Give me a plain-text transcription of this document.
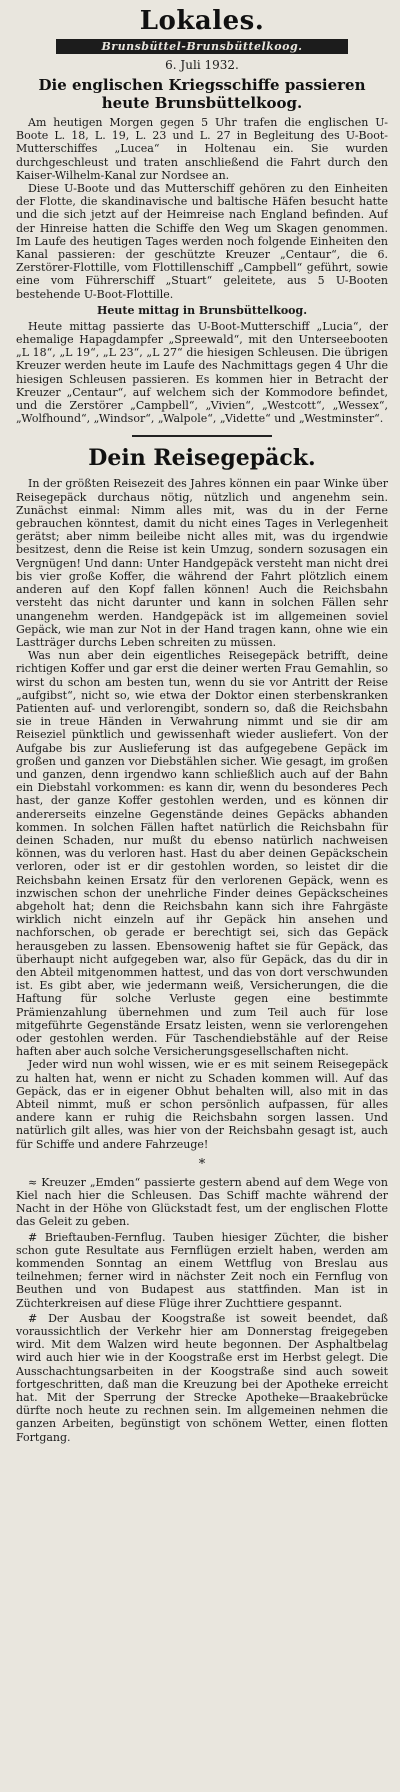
Lokales.
Brunsbüttel-Brunsbüttelkoog.
6. Juli 1932.
Die englischen Kriegsschiffe passieren
heute Brunsbüttelkoog.

Am heutigen Morgen gegen 5 Uhr trafen die englischen U-Boote L. 18, L. 19, L. 23 und L. 27 in Begleitung des U-Boot-Mutterschiffes „Lucea“ in Holtenau ein. Sie wurden durchgeschleust und traten anschließend die Fahrt durch den Kaiser-Wilhelm-Kanal zur Nordsee an.

Diese U-Boote und das Mutterschiff gehören zu den Einheiten der Flotte, die skandinavische und baltische Häfen besucht hatte und die sich jetzt auf der Heimreise nach England befinden. Auf der Hinreise hatten die Schiffe den Weg um Skagen genommen. Im Laufe des heutigen Tages werden noch folgende Einheiten den Kanal passieren: der geschützte Kreuzer „Centaur“, die 6. Zerstörer-Flottille, vom Flottillenschiff „Campbell“ geführt, sowie eine vom Führerschiff „Stuart“ geleitete, aus 5 U-Booten bestehende U-Boot-Flottille.

Heute mittag in Brunsbüttelkoog.

Heute mittag passierte das U-Boot-Mutterschiff „Lucia“, der ehemalige Hapagdampfer „Spreewald“, mit den Unterseebooten „L 18“, „L 19“, „L 23“, „L 27“ die hiesigen Schleusen. Die übrigen Kreuzer werden heute im Laufe des Nachmittags gegen 4 Uhr die hiesigen Schleusen passieren. Es kommen hier in Betracht der Kreuzer „Centaur“, auf welchem sich der Kommodore befindet, und die Zerstörer „Campbell“, „Vivien“, „Westcott“, „Wessex“, „Wolfhound“, „Windsor“, „Walpole“, „Vidette“ und „Westminster“.

Dein Reisegepäck.

In der größten Reisezeit des Jahres können ein paar Winke über Reisegepäck durchaus nötig, nützlich und angenehm sein. Zunächst einmal: Nimm alles mit, was du in der Ferne gebrauchen könntest, damit du nicht eines Tages in Verlegenheit gerätst; aber nimm beileibe nicht alles mit, was du irgendwie besitzest, denn die Reise ist kein Umzug, sondern sozusagen ein Vergnügen! Und dann: Unter Handgepäck versteht man nicht drei bis vier große Koffer, die während der Fahrt plötzlich einem anderen auf den Kopf fallen können! Auch die Reichsbahn versteht das nicht darunter und kann in solchen Fällen sehr unangenehm werden. Handgepäck ist im allgemeinen soviel Gepäck, wie man zur Not in der Hand tragen kann, ohne wie ein Lastträger durchs Leben schreiten zu müssen.

Was nun aber dein eigentliches Reisegepäck betrifft, deine richtigen Koffer und gar erst die deiner werten Frau Gemahlin, so wirst du schon am besten tun, wenn du sie vor Antritt der Reise „aufgibst“, nicht so, wie etwa der Doktor einen sterbenskranken Patienten auf- und verlorengibt, sondern so, daß die Reichsbahn sie in treue Händen in Verwahrung nimmt und sie dir am Reiseziel pünktlich und gewissenhaft wieder ausliefert. Von der Aufgabe bis zur Auslieferung ist das aufgegebene Gepäck im großen und ganzen vor Diebstählen sicher. Wie gesagt, im großen und ganzen, denn irgendwo kann schließlich auch auf der Bahn ein Diebstahl vorkommen: es kann dir, wenn du besonderes Pech hast, der ganze Koffer gestohlen werden, und es können dir andererseits einzelne Gegenstände deines Gepäcks abhanden kommen. In solchen Fällen haftet natürlich die Reichsbahn für deinen Schaden, nur mußt du ebenso natürlich nachweisen können, was du verloren hast. Hast du aber deinen Gepäckschein verloren, oder ist er dir gestohlen worden, so leistet dir die Reichsbahn keinen Ersatz für den verlorenen Gepäck, wenn es inzwischen schon der unehrliche Finder deines Gepäckscheines abgeholt hat; denn die Reichsbahn kann sich ihre Fahrgäste wirklich nicht einzeln auf ihr Gepäck hin ansehen und nachforschen, ob gerade er berechtigt sei, sich das Gepäck herausgeben zu lassen. Ebensowenig haftet sie für Gepäck, das überhaupt nicht aufgegeben war, also für Gepäck, das du dir in den Abteil mitgenommen hattest, und das von dort verschwunden ist. Es gibt aber, wie jedermann weiß, Versicherungen, die die Haftung für solche Verluste gegen eine bestimmte Prämienzahlung übernehmen und zum Teil auch für lose mitgeführte Gegenstände Ersatz leisten, wenn sie verlorengehen oder gestohlen werden. Für Taschendiebstähle auf der Reise haften aber auch solche Versicherungsgesellschaften nicht.

Jeder wird nun wohl wissen, wie er es mit seinem Reisegepäck zu halten hat, wenn er nicht zu Schaden kommen will. Auf das Gepäck, das er in eigener Obhut behalten will, also mit in das Abteil nimmt, muß er schon persönlich aufpassen, für alles andere kann er ruhig die Reichsbahn sorgen lassen. Und natürlich gilt alles, was hier von der Reichsbahn gesagt ist, auch für Schiffe und andere Fahrzeuge!

*

≈ Kreuzer „Emden“ passierte gestern abend auf dem Wege von Kiel nach hier die Schleusen. Das Schiff machte während der Nacht in der Höhe von Glückstadt fest, um der englischen Flotte das Geleit zu geben.

# Brieftauben-Fernflug. Tauben hiesiger Züchter, die bisher schon gute Resultate aus Fernflügen erzielt haben, werden am kommenden Sonntag an einem Wettflug von Breslau aus teilnehmen; ferner wird in nächster Zeit noch ein Fernflug von Beuthen und von Budapest aus stattfinden. Man ist in Züchterkreisen auf diese Flüge ihrer Zuchttiere gespannt.

# Der Ausbau der Koogstraße ist soweit beendet, daß voraussichtlich der Verkehr hier am Donnerstag freigegeben wird. Mit dem Walzen wird heute begonnen. Der Asphaltbelag wird auch hier wie in der Koogstraße erst im Herbst gelegt. Die Ausschachtungsarbeiten in der Koogstraße sind auch soweit fortgeschritten, daß man die Kreuzung bei der Apotheke erreicht hat. Mit der Sperrung der Strecke Apotheke—Braakebrücke dürfte noch heute zu rechnen sein. Im allgemeinen nehmen die ganzen Arbeiten, begünstigt von schönem Wetter, einen flotten Fortgang.
